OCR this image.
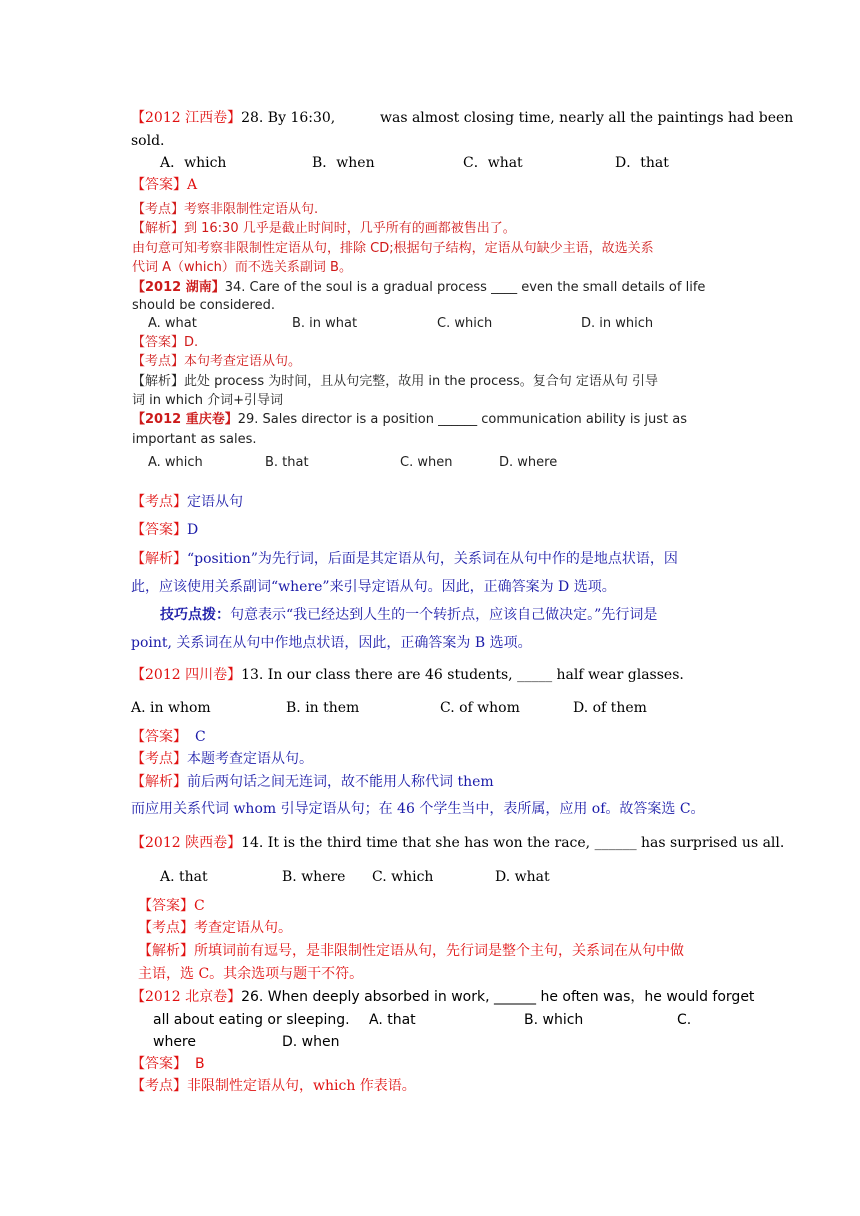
【2012 江西卷】28. By 16:30,	was almost closing time, nearly all the paintings had been
sold.
A．which	B．when	C．what	D．that
【答案】A
【考点】考察非限制性定语从句.
【解析】到 16:30 几乎是截止时间时，几乎所有的画都被售出了。
由句意可知考察非限制性定语从句，排除 CD;根据句子结构，定语从句缺少主语，故选关系
代词 A（which）而不选关系副词 B。
【2012 湖南】34. Care of the soul is a gradual process ____ even the small details of life
should be considered.
A. what	B. in what	C. which	D. in which
【答案】D.
【考点】本句考查定语从句。
【解析】此处 process 为时间，且从句完整，故用 in the process。复合句 定语从句 引导
词 in which 介词+引导词
【2012 重庆卷】29. Sales director is a position ______ communication ability is just as
important as sales.
A. which	B. that	C. when	D. where
【考点】定语从句
【答案】D
【解析】“position”为先行词，后面是其定语从句，关系词在从句中作的是地点状语，因
此，应该使用关系副词“where”来引导定语从句。因此，正确答案为 D 选项。
技巧点拨：句意表示“我已经达到人生的一个转折点，应该自己做决定。”先行词是
point, 关系词在从句中作地点状语，因此，正确答案为 B 选项。
【2012 四川卷】13. In our class there are 46 students, _____ half wear glasses.
A. in whom	B. in them	C. of whom	D. of them
【答案】 C
【考点】本题考查定语从句。
【解析】前后两句话之间无连词，故不能用人称代词 them
而应用关系代词 whom 引导定语从句；在 46 个学生当中，表所属，应用 of。故答案选 C。
【2012 陕西卷】14. It is the third time that she has won the race, ______ has surprised us all.
A. that	B. where C. which	D. what
【答案】C
【考点】考查定语从句。
【解析】所填词前有逗号，是非限制性定语从句，先行词是整个主句，关系词在从句中做
主语，选 C。其余选项与题干不符。
【2012 北京卷】26. When deeply absorbed in work, ______ he often was，he would forget
all about eating or sleeping. A. that	B. which	C.
where	D. when
【答案】 B
【考点】非限制性定语从句，which 作表语。
